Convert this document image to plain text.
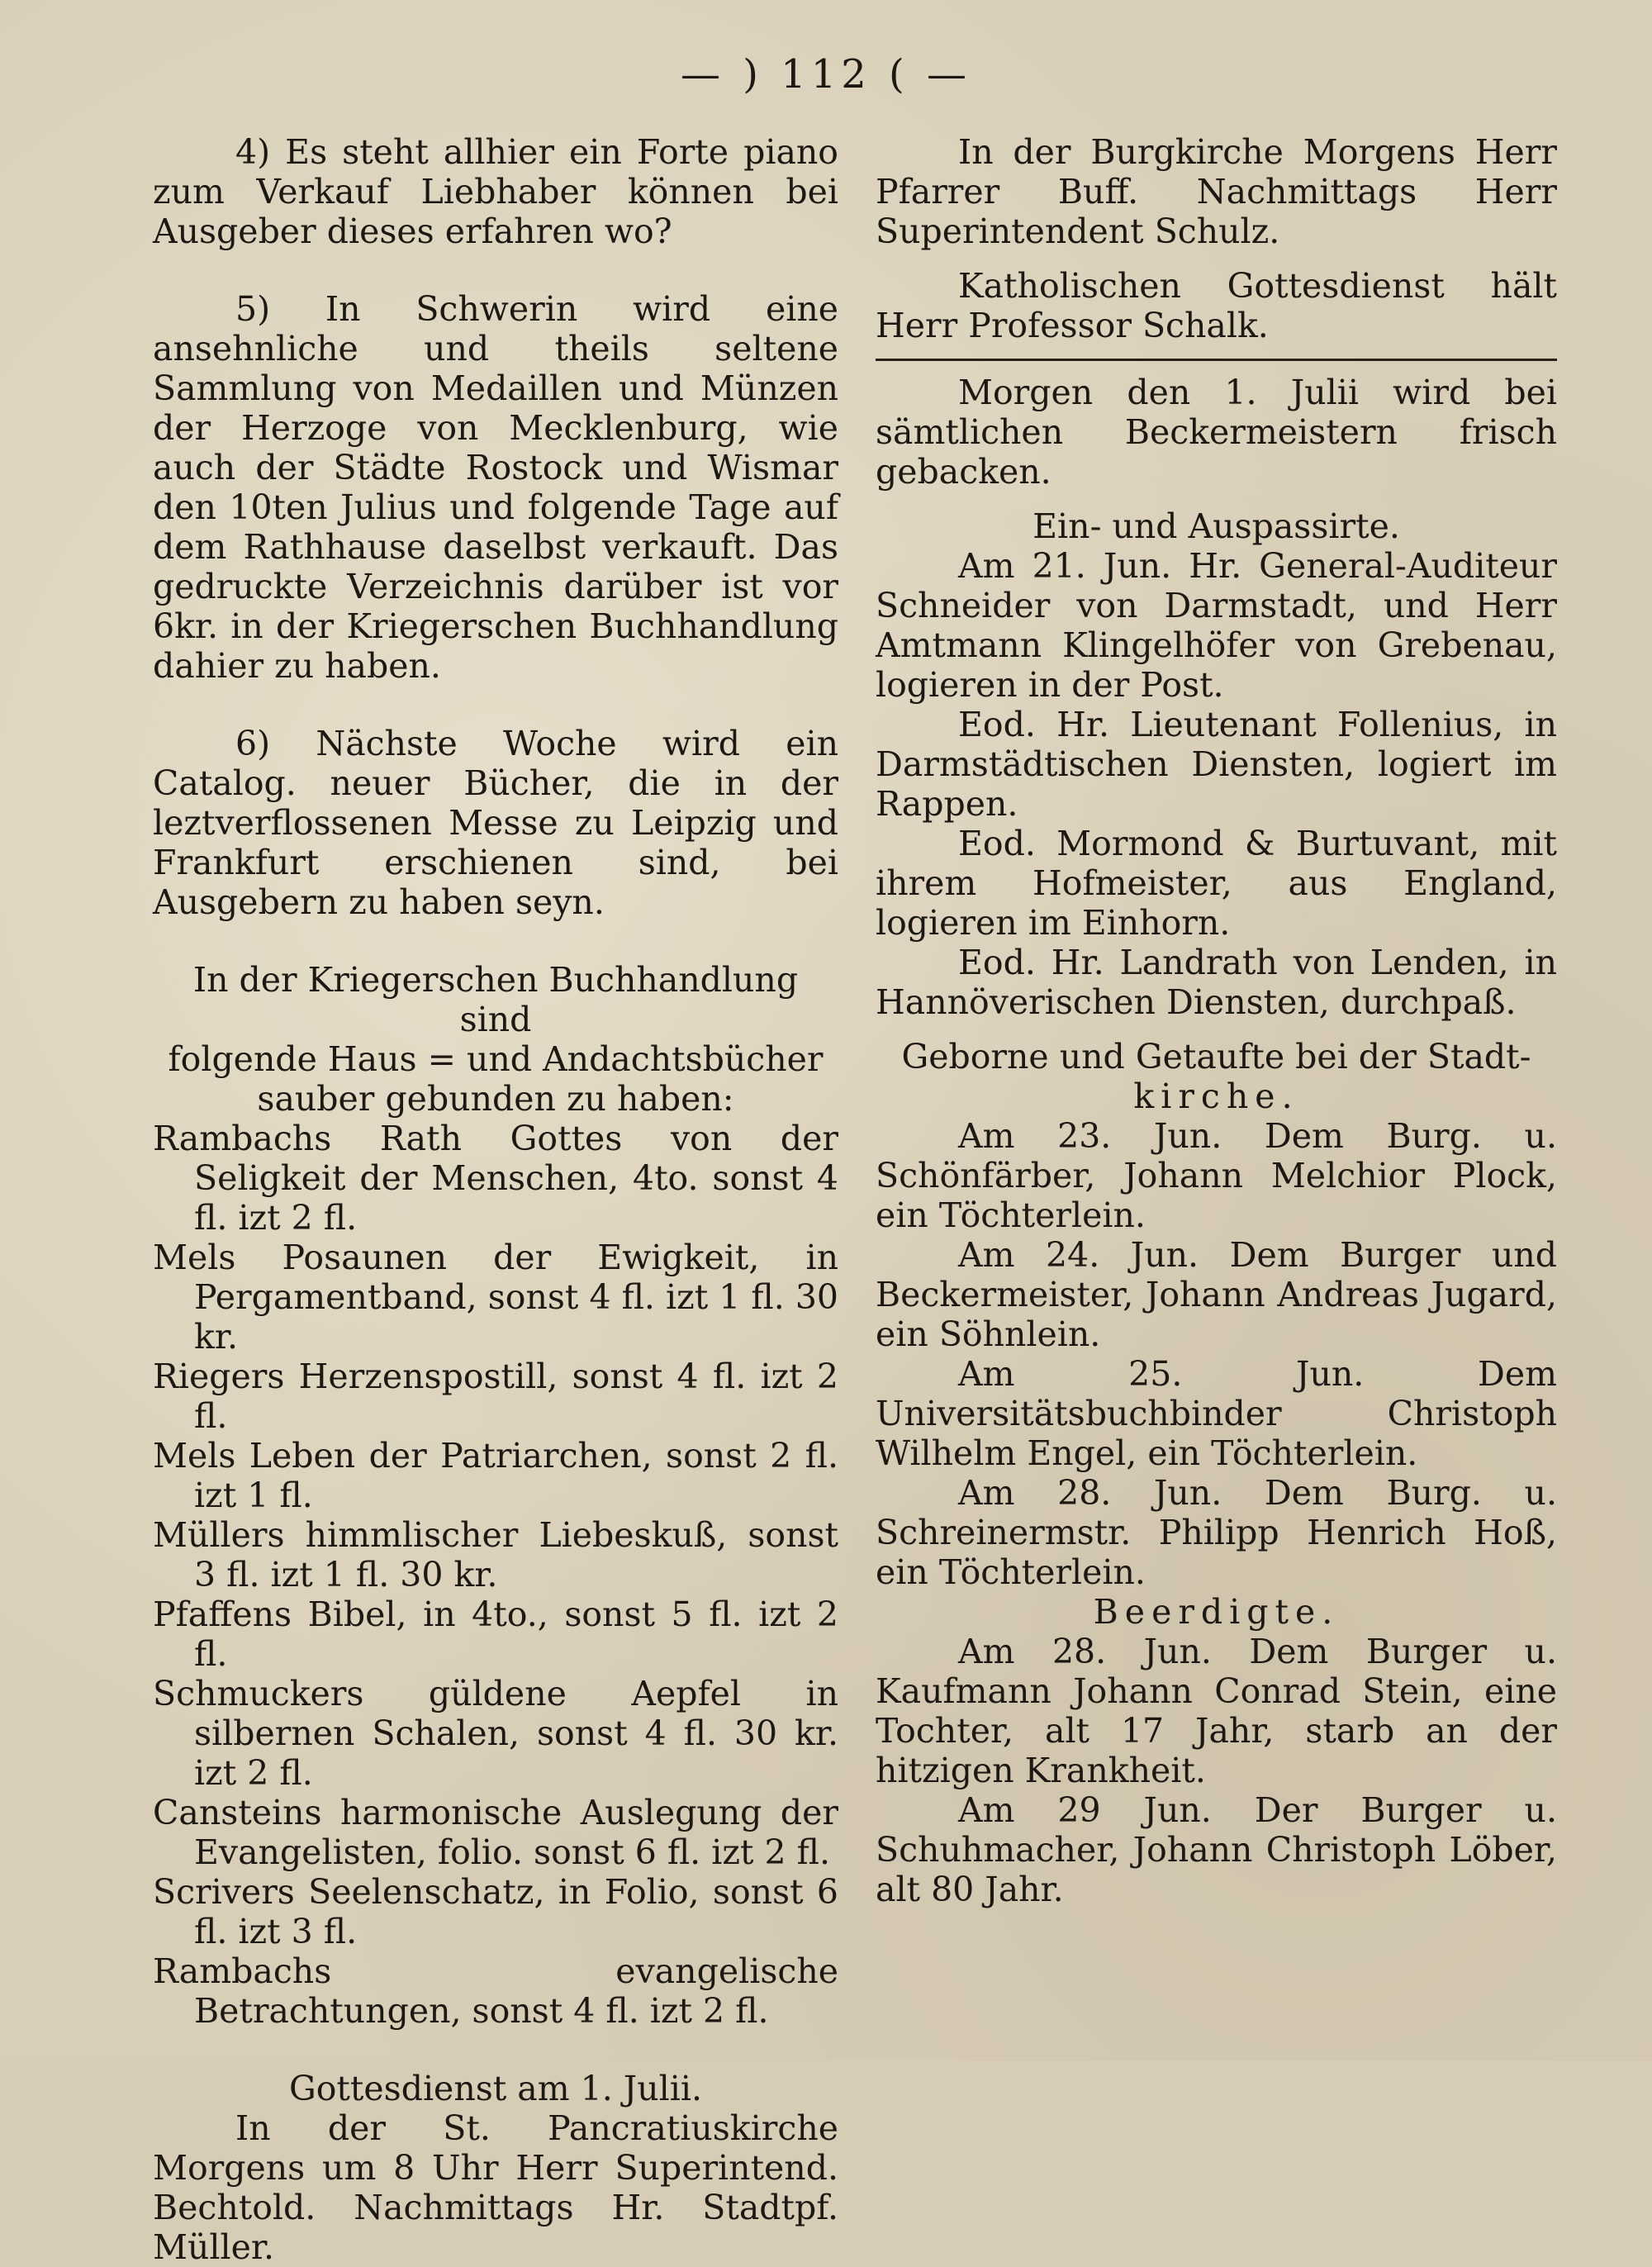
— ) 112 ( —

4) Es steht allhier ein Forte piano zum Verkauf Liebhaber können bei Ausgeber dieses erfahren wo?

5) In Schwerin wird eine ansehnliche und theils seltene Sammlung von Medaillen und Münzen der Herzoge von Mecklenburg, wie auch der Städte Rostock und Wismar den 10ten Julius und folgende Tage auf dem Rathhause daselbst verkauft. Das gedruckte Verzeichnis darüber ist vor 6kr. in der Kriegerschen Buchhandlung dahier zu haben.

6) Nächste Woche wird ein Catalog. neuer Bücher, die in der leztverflossenen Messe zu Leipzig und Frankfurt erschienen sind, bei Ausgebern zu haben seyn.

In der Kriegerschen Buchhandlung sind
folgende Haus = und Andachtsbücher
sauber gebunden zu haben:
Rambachs Rath Gottes von der Seligkeit der Menschen, 4to. sonst 4 fl. izt 2 fl.
Mels Posaunen der Ewigkeit, in Pergamentband, sonst 4 fl. izt 1 fl. 30 kr.
Riegers Herzenspostill, sonst 4 fl. izt 2 fl.
Mels Leben der Patriarchen, sonst 2 fl. izt 1 fl.
Müllers himmlischer Liebeskuß, sonst 3 fl. izt 1 fl. 30 kr.
Pfaffens Bibel, in 4to., sonst 5 fl. izt 2 fl.
Schmuckers güldene Aepfel in silbernen Schalen, sonst 4 fl. 30 kr. izt 2 fl.
Cansteins harmonische Auslegung der Evangelisten, folio. sonst 6 fl. izt 2 fl.
Scrivers Seelenschatz, in Folio, sonst 6 fl. izt 3 fl.
Rambachs evangelische Betrachtungen, sonst 4 fl. izt 2 fl.
Gottesdienst am 1. Julii.

In der St. Pancratiuskirche Morgens um 8 Uhr Herr Superintend. Bechtold. Nachmittags Hr. Stadtpf. Müller.

In der Burgkirche Morgens Herr Pfarrer Buff. Nachmittags Herr Superintendent Schulz.

Katholischen Gottesdienst hält Herr Professor Schalk.

Morgen den 1. Julii wird bei sämtlichen Beckermeistern frisch gebacken.

Ein- und Auspassirte.

Am 21. Jun. Hr. General-Auditeur Schneider von Darmstadt, und Herr Amtmann Klingelhöfer von Grebenau, logieren in der Post.

Eod. Hr. Lieutenant Follenius, in Darmstädtischen Diensten, logiert im Rappen.

Eod. Mormond & Burtuvant, mit ihrem Hofmeister, aus England, logieren im Einhorn.

Eod. Hr. Landrath von Lenden, in Hannöverischen Diensten, durchpaß.

Geborne und Getaufte bei der Stadt-
kirche.

Am 23. Jun. Dem Burg. u. Schönfärber, Johann Melchior Plock, ein Töchterlein.

Am 24. Jun. Dem Burger und Beckermeister, Johann Andreas Jugard, ein Söhnlein.

Am 25. Jun. Dem Universitätsbuchbinder Christoph Wilhelm Engel, ein Töchterlein.

Am 28. Jun. Dem Burg. u. Schreinermstr. Philipp Henrich Hoß, ein Töchterlein.

Beerdigte.

Am 28. Jun. Dem Burger u. Kaufmann Johann Conrad Stein, eine Tochter, alt 17 Jahr, starb an der hitzigen Krankheit.

Am 29 Jun. Der Burger u. Schuhmacher, Johann Christoph Löber, alt 80 Jahr.
